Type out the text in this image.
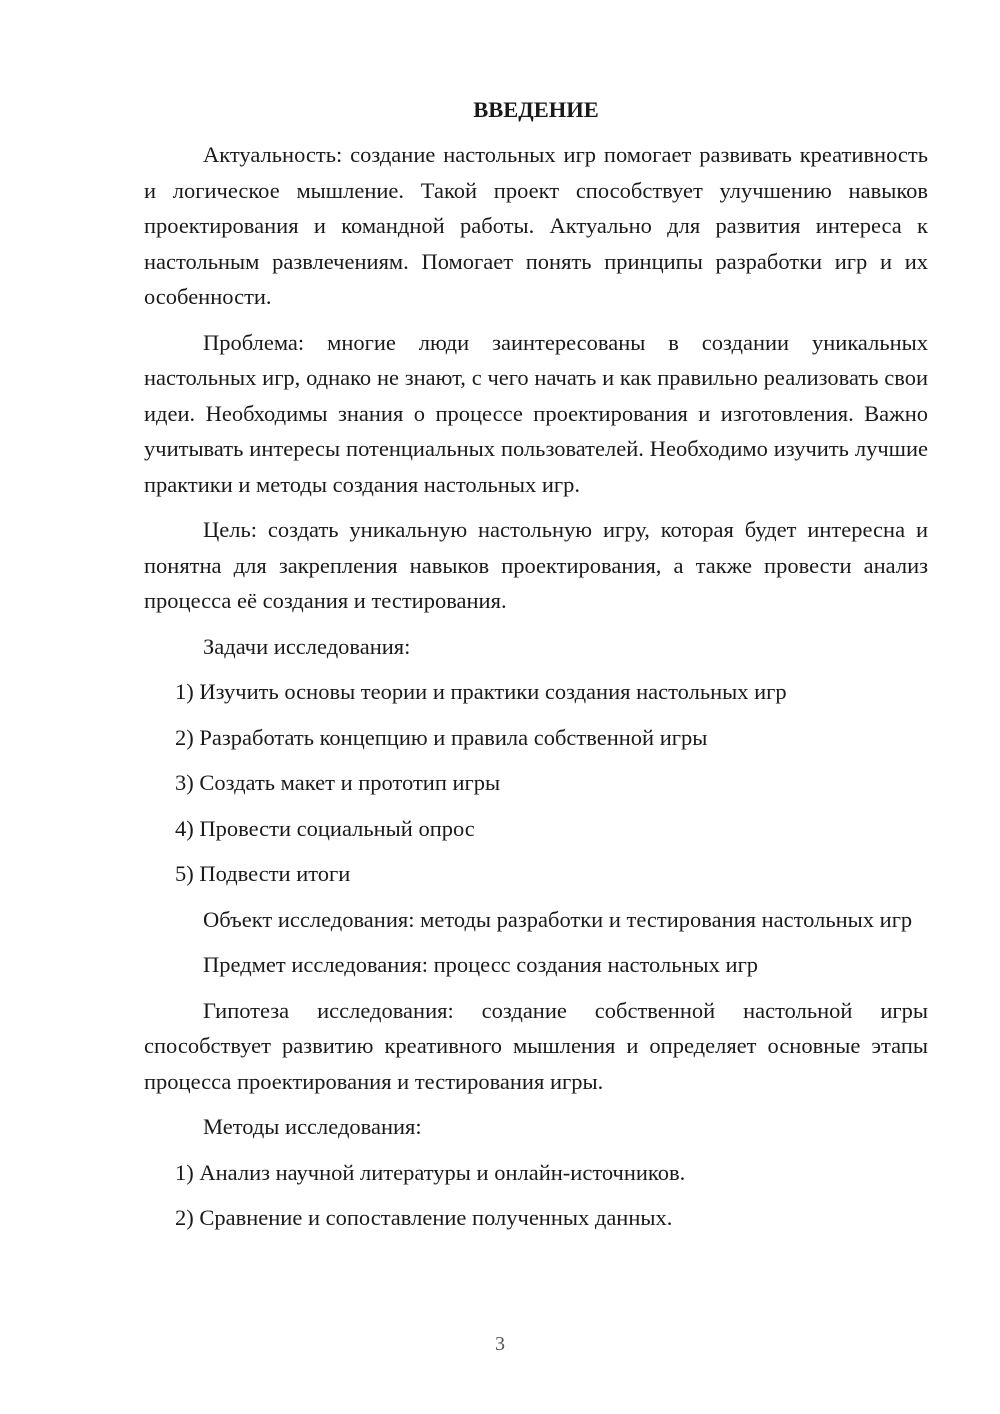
ВВЕДЕНИЕ

Актуальность: создание настольных игр помогает развивать креативность и логическое мышление. Такой проект способствует улучшению навыков проектирования и командной работы. Актуально для развития интереса к настольным развлечениям. Помогает понять принципы разработки игр и их особенности.

Проблема: многие люди заинтересованы в создании уникальных настольных игр, однако не знают, с чего начать и как правильно реализовать свои идеи. Необходимы знания о процессе проектирования и изготовления. Важно учитывать интересы потенциальных пользователей. Необходимо изучить лучшие практики и методы создания настольных игр.

Цель: создать уникальную настольную игру, которая будет интересна и понятна для закрепления навыков проектирования, а также провести анализ процесса её создания и тестирования.

Задачи исследования:

1) Изучить основы теории и практики создания настольных игр
2) Разработать концепцию и правила собственной игры
3) Создать макет и прототип игры
4) Провести социальный опрос
5) Подвести итоги

Объект исследования: методы разработки и тестирования настольных игр

Предмет исследования: процесс создания настольных игр

Гипотеза исследования: создание собственной настольной игры способствует развитию креативного мышления и определяет основные этапы процесса проектирования и тестирования игры.

Методы исследования:

1) Анализ научной литературы и онлайн-источников.
2) Сравнение и сопоставление полученных данных.
3
